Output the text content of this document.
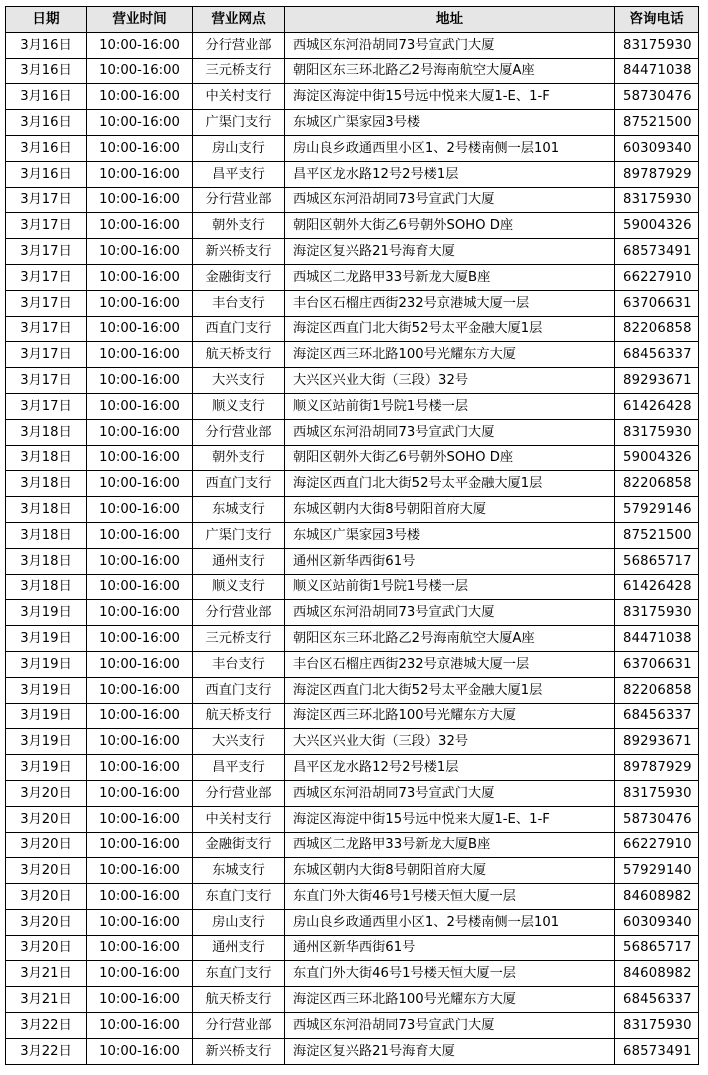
日期	营业时间	营业网点	地址	咨询电话
3月16日	10:00-16:00	分行营业部	西城区东河沿胡同73号宣武门大厦	83175930
3月16日	10:00-16:00	三元桥支行	朝阳区东三环北路乙2号海南航空大厦A座	84471038
3月16日	10:00-16:00	中关村支行	海淀区海淀中街15号远中悦来大厦1-E、1-F	58730476
3月16日	10:00-16:00	广渠门支行	东城区广渠家园3号楼	87521500
3月16日	10:00-16:00	房山支行	房山良乡政通西里小区1、2号楼南侧一层101	60309340
3月16日	10:00-16:00	昌平支行	昌平区龙水路12号2号楼1层	89787929
3月17日	10:00-16:00	分行营业部	西城区东河沿胡同73号宣武门大厦	83175930
3月17日	10:00-16:00	朝外支行	朝阳区朝外大街乙6号朝外SOHO D座	59004326
3月17日	10:00-16:00	新兴桥支行	海淀区复兴路21号海育大厦	68573491
3月17日	10:00-16:00	金融街支行	西城区二龙路甲33号新龙大厦B座	66227910
3月17日	10:00-16:00	丰台支行	丰台区石榴庄西街232号京港城大厦一层	63706631
3月17日	10:00-16:00	西直门支行	海淀区西直门北大街52号太平金融大厦1层	82206858
3月17日	10:00-16:00	航天桥支行	海淀区西三环北路100号光耀东方大厦	68456337
3月17日	10:00-16:00	大兴支行	大兴区兴业大街（三段）32号	89293671
3月17日	10:00-16:00	顺义支行	顺义区站前街1号院1号楼一层	61426428
3月18日	10:00-16:00	分行营业部	西城区东河沿胡同73号宣武门大厦	83175930
3月18日	10:00-16:00	朝外支行	朝阳区朝外大街乙6号朝外SOHO D座	59004326
3月18日	10:00-16:00	西直门支行	海淀区西直门北大街52号太平金融大厦1层	82206858
3月18日	10:00-16:00	东城支行	东城区朝内大街8号朝阳首府大厦	57929146
3月18日	10:00-16:00	广渠门支行	东城区广渠家园3号楼	87521500
3月18日	10:00-16:00	通州支行	通州区新华西街61号	56865717
3月18日	10:00-16:00	顺义支行	顺义区站前街1号院1号楼一层	61426428
3月19日	10:00-16:00	分行营业部	西城区东河沿胡同73号宣武门大厦	83175930
3月19日	10:00-16:00	三元桥支行	朝阳区东三环北路乙2号海南航空大厦A座	84471038
3月19日	10:00-16:00	丰台支行	丰台区石榴庄西街232号京港城大厦一层	63706631
3月19日	10:00-16:00	西直门支行	海淀区西直门北大街52号太平金融大厦1层	82206858
3月19日	10:00-16:00	航天桥支行	海淀区西三环北路100号光耀东方大厦	68456337
3月19日	10:00-16:00	大兴支行	大兴区兴业大街（三段）32号	89293671
3月19日	10:00-16:00	昌平支行	昌平区龙水路12号2号楼1层	89787929
3月20日	10:00-16:00	分行营业部	西城区东河沿胡同73号宣武门大厦	83175930
3月20日	10:00-16:00	中关村支行	海淀区海淀中街15号远中悦来大厦1-E、1-F	58730476
3月20日	10:00-16:00	金融街支行	西城区二龙路甲33号新龙大厦B座	66227910
3月20日	10:00-16:00	东城支行	东城区朝内大街8号朝阳首府大厦	57929140
3月20日	10:00-16:00	东直门支行	东直门外大街46号1号楼天恒大厦一层	84608982
3月20日	10:00-16:00	房山支行	房山良乡政通西里小区1、2号楼南侧一层101	60309340
3月20日	10:00-16:00	通州支行	通州区新华西街61号	56865717
3月21日	10:00-16:00	东直门支行	东直门外大街46号1号楼天恒大厦一层	84608982
3月21日	10:00-16:00	航天桥支行	海淀区西三环北路100号光耀东方大厦	68456337
3月22日	10:00-16:00	分行营业部	西城区东河沿胡同73号宣武门大厦	83175930
3月22日	10:00-16:00	新兴桥支行	海淀区复兴路21号海育大厦	68573491
